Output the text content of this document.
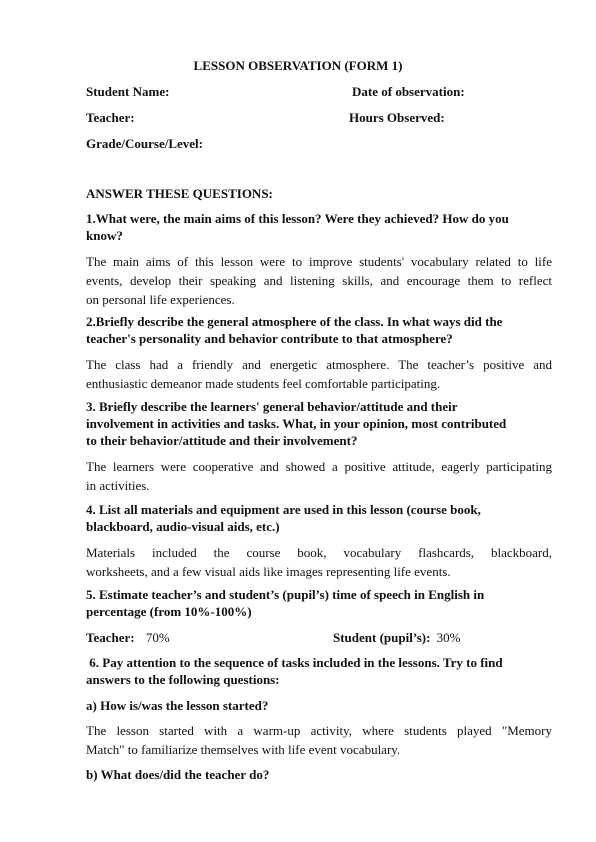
LESSON OBSERVATION (FORM 1)
Student Name:	Date of observation:
Teacher:	Hours Observed:
Grade/Course/Level:
ANSWER THESE QUESTIONS:
1.What were, the main aims of this lesson? Were they achieved? How do you
know?
The main aims of this lesson were to improve students' vocabulary related to life
events, develop their speaking and listening skills, and encourage them to reflect
on personal life experiences.
2.Briefly describe the general atmosphere of the class. In what ways did the
teacher's personality and behavior contribute to that atmosphere?
The class had a friendly and energetic atmosphere. The teacher’s positive and
enthusiastic demeanor made students feel comfortable participating.
3. Briefly describe the learners' general behavior/attitude and their
involvement in activities and tasks. What, in your opinion, most contributed
to their behavior/attitude and their involvement?
The learners were cooperative and showed a positive attitude, eagerly participating
in activities.
4. List all materials and equipment are used in this lesson (course book,
blackboard, audio-visual aids, etc.)
Materials included the course book, vocabulary flashcards, blackboard,
worksheets, and a few visual aids like images representing life events.
5. Estimate teacher’s and student’s (pupil’s) time of speech in English in
percentage (from 10%-100%)
Teacher: 70%	Student (pupil’s): 30%
6. Pay attention to the sequence of tasks included in the lessons. Try to find
answers to the following questions:
a) How is/was the lesson started?
The lesson started with a warm-up activity, where students played "Memory
Match" to familiarize themselves with life event vocabulary.
b) What does/did the teacher do?
